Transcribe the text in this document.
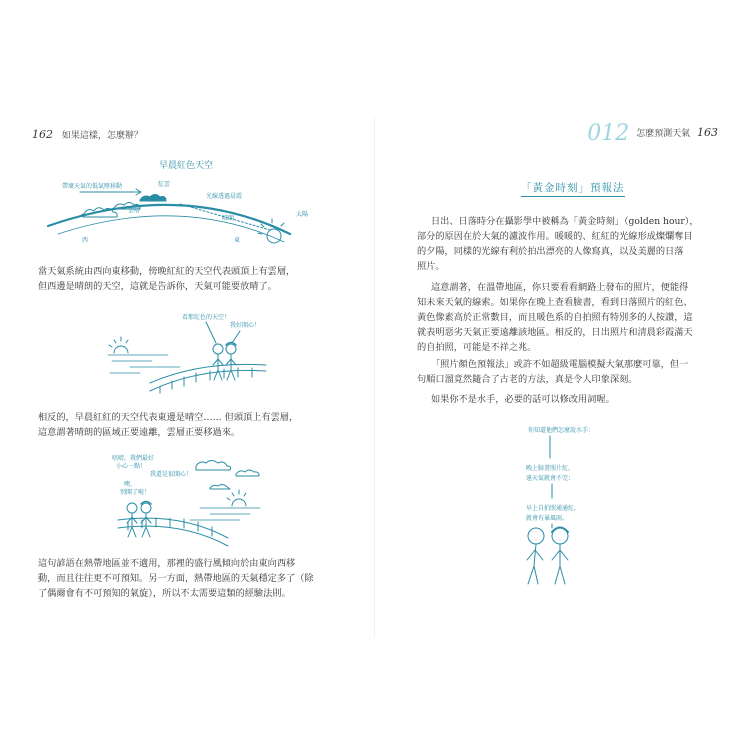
162 如果這樣，怎麼辦？
早晨紅色天空
帶壞天氣的低氣壓移動	紅雲
光線透過晨霞
太陽
雲層
晴朗
西	東
當天氣系統由西向東移動，傍晚紅紅的天空代表頭頂上有雲層，
但西邊是晴朗的天空，這就是告訴你，天氣可能要放晴了。
看那紅色的天空！
我好開心！
相反的，早晨紅紅的天空代表東邊是晴空…… 但頭頂上有雲層，
這意謂著晴朗的區域正要遠離，雲層正要移過來。
唔唷，我們最好
小心一點！
我還是很開心！
噢，
別開了啦！
這句諺語在熱帶地區並不適用，那裡的盛行風傾向於由東向西移
動，而且往往更不可預知。另一方面，熱帶地區的天氣穩定多了（除
了偶爾會有不可預知的氣旋），所以不太需要這類的經驗法則。
012 怎麼預測天氣 163
「黃金時刻」預報法
日出、日落時分在攝影學中被稱為「黃金時刻」（golden hour），
部分的原因在於大氣的濾波作用。暖暖的、紅紅的光線形成燦爛奪目
的夕陽，同樣的光線有利於拍出漂亮的人像寫真，以及美麗的日落
照片。
這意謂著，在溫帶地區，你只要看看網路上發布的照片，便能得
知未來天氣的線索。如果你在晚上查看臉書，看到日落照片的紅色、
黃色像素高於正常數目，而且暖色系的自拍照有特別多的人按讚，這
就表明惡劣天氣正要遠離該地區。相反的，日出照片和清晨彩霞滿天
的自拍照，可能是不祥之兆。
「照片顏色預報法」或許不如超級電腦模擬大氣那麼可靠，但一
句順口溜竟然隨合了古老的方法，真是令人印象深刻。
如果你不是水手，必要的話可以修改用詞喔。
你知道他們怎麼說水手：
晚上臉書照片紅，
遠天氣就會不完；
早上自拍照通通紅，
就會有暴風雨。
